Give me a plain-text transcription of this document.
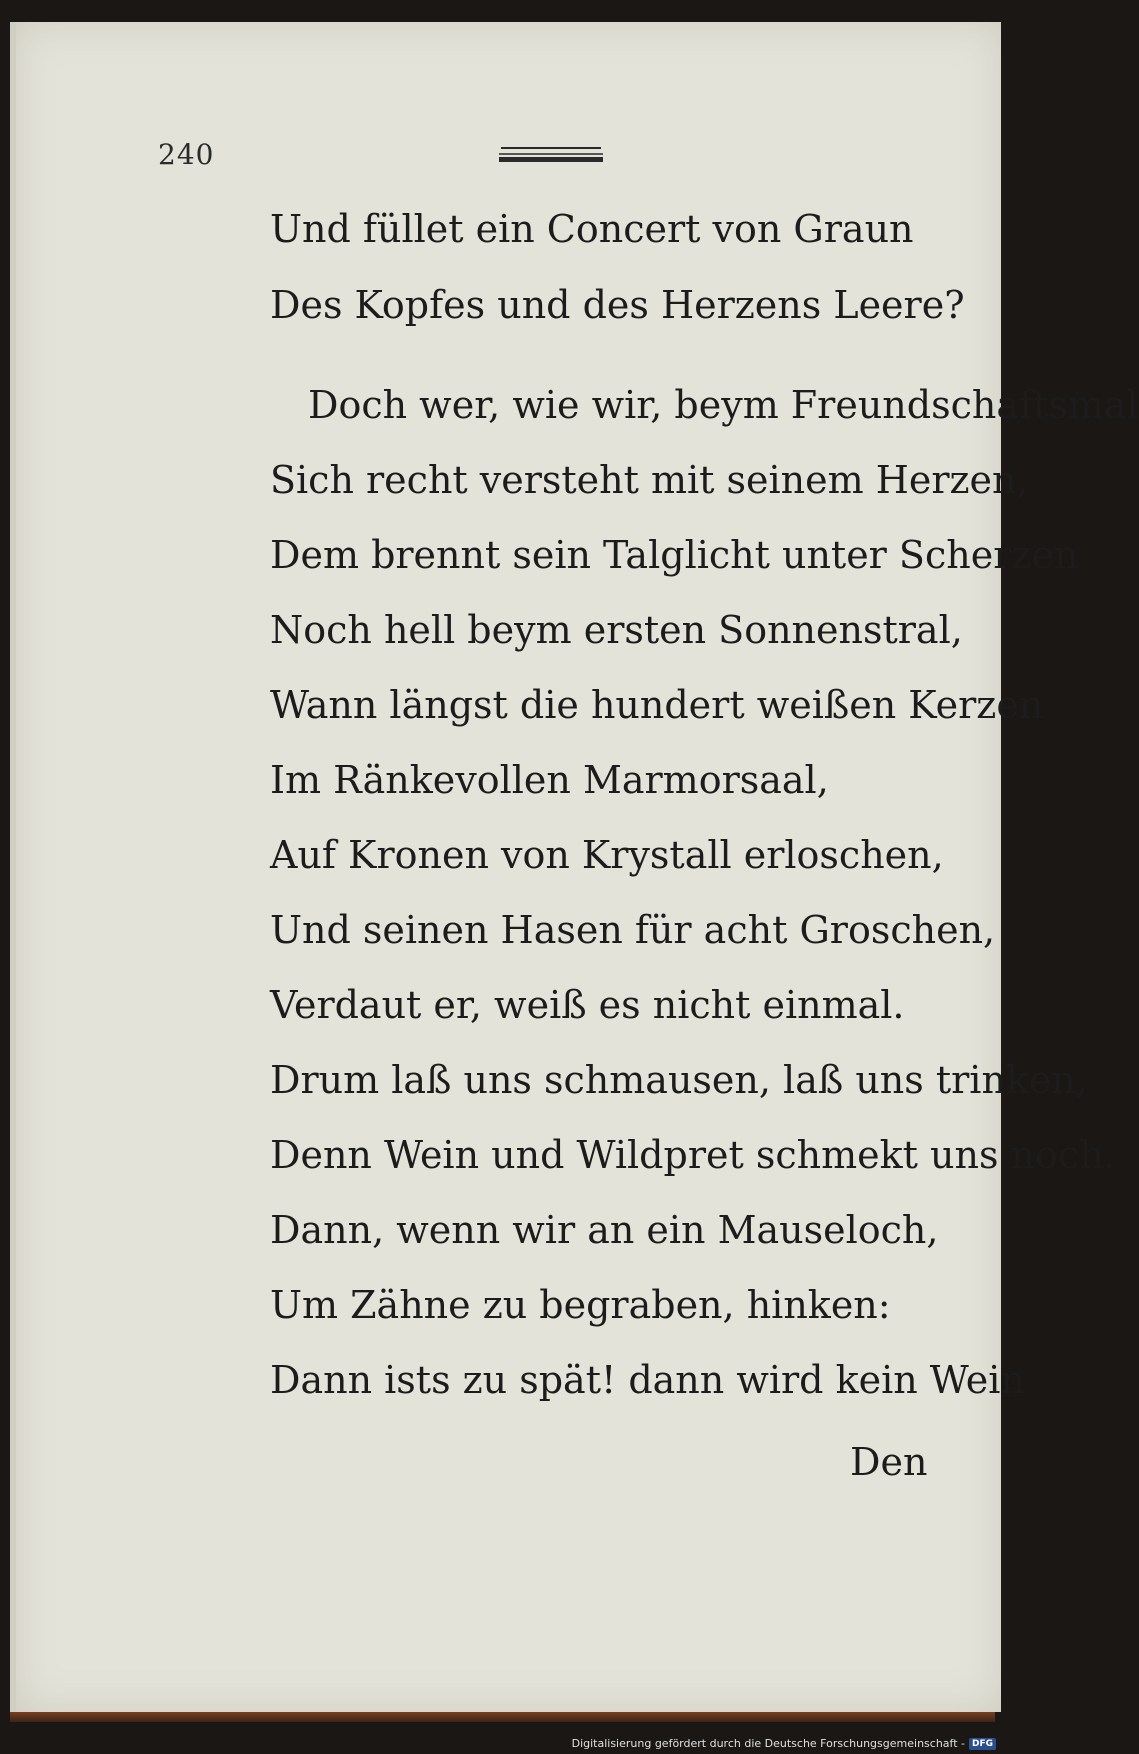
240
Und füllet ein Concert von Graun
Des Kopfes und des Herzens Leere?
Doch wer, wie wir, beym Freundschaftsmal
Sich recht versteht mit seinem Herzen,
Dem brennt sein Talglicht unter Scherzen
Noch hell beym ersten Sonnenstral,
Wann längst die hundert weißen Kerzen
Im Ränkevollen Marmorsaal,
Auf Kronen von Krystall erloschen,
Und seinen Hasen für acht Groschen,
Verdaut er, weiß es nicht einmal.
Drum laß uns schmausen, laß uns trinken,
Denn Wein und Wildpret schmekt uns noch.
Dann, wenn wir an ein Mauseloch,
Um Zähne zu begraben, hinken:
Dann ists zu spät! dann wird kein Wein
Den
Digitalisierung gefördert durch die Deutsche Forschungsgemeinschaft - DFG
